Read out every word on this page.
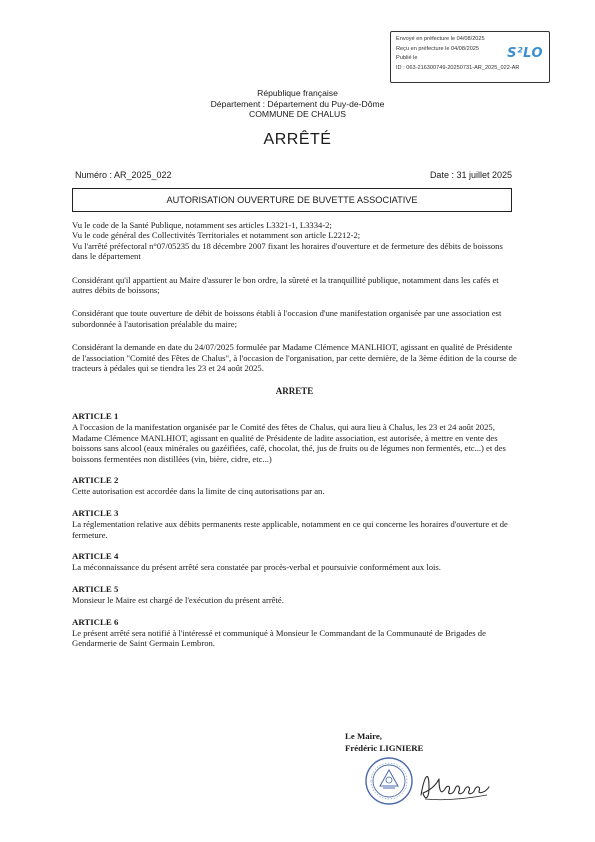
Envoyé en préfecture le 04/08/2025
Reçu en préfecture le 04/08/2025
Publié le
ID : 063-216300749-20250731-AR_2025_022-AR
S²LO
République française
Département : Département du Puy-de-Dôme
COMMUNE DE CHALUS
ARRÊTÉ
Numéro : AR_2025_022	Date : 31 juillet 2025
AUTORISATION OUVERTURE DE BUVETTE ASSOCIATIVE

Vu le code de la Santé Publique, notamment ses articles L3321-1, L3334-2;

Vu le code général des Collectivités Territoriales et notamment son article L2212-2;

Vu l'arrêté préfectoral n°07/05235 du 18 décembre 2007 fixant les horaires d'ouverture et de fermeture des débits de boissons dans le département

Considérant qu'il appartient au Maire d'assurer le bon ordre, la sûreté et la tranquillité publique, notamment dans les cafés et autres débits de boissons;

Considérant que toute ouverture de débit de boissons établi à l'occasion d'une manifestation organisée par une association est subordonnée à l'autorisation préalable du maire;

Considérant la demande en date du 24/07/2025 formulée par Madame Clémence MANLHIOT, agissant en qualité de Présidente de l'association "Comité des Fêtes de Chalus", à l'occasion de l'organisation, par cette dernière, de la 3ème édition de la course de tracteurs à pédales qui se tiendra les 23 et 24 août 2025.

ARRETE

ARTICLE 1

A l'occasion de la manifestation organisée par le Comité des fêtes de Chalus, qui aura lieu à Chalus, les 23 et 24 août 2025, Madame Clémence MANLHIOT, agissant en qualité de Présidente de ladite association, est autorisée, à mettre en vente des boissons sans alcool (eaux minérales ou gazéifiées, café, chocolat, thé, jus de fruits ou de légumes non fermentés, etc...) et des boissons fermentées non distillées (vin, bière, cidre, etc...)

ARTICLE 2

Cette autorisation est accordée dans la limite de cinq autorisations par an.

ARTICLE 3

La réglementation relative aux débits permanents reste applicable, notamment en ce qui concerne les horaires d'ouverture et de fermeture.

ARTICLE 4

La méconnaissance du présent arrêté sera constatée par procès-verbal et poursuivie conformément aux lois.

ARTICLE 5

Monsieur le Maire est chargé de l'exécution du présent arrêté.

ARTICLE 6

Le présent arrêté sera notifié à l'intéressé et communiqué à Monsieur le Commandant de la Communauté de Brigades de Gendarmerie de Saint Germain Lembron.

Le Maire,
Frédéric LIGNIERE
